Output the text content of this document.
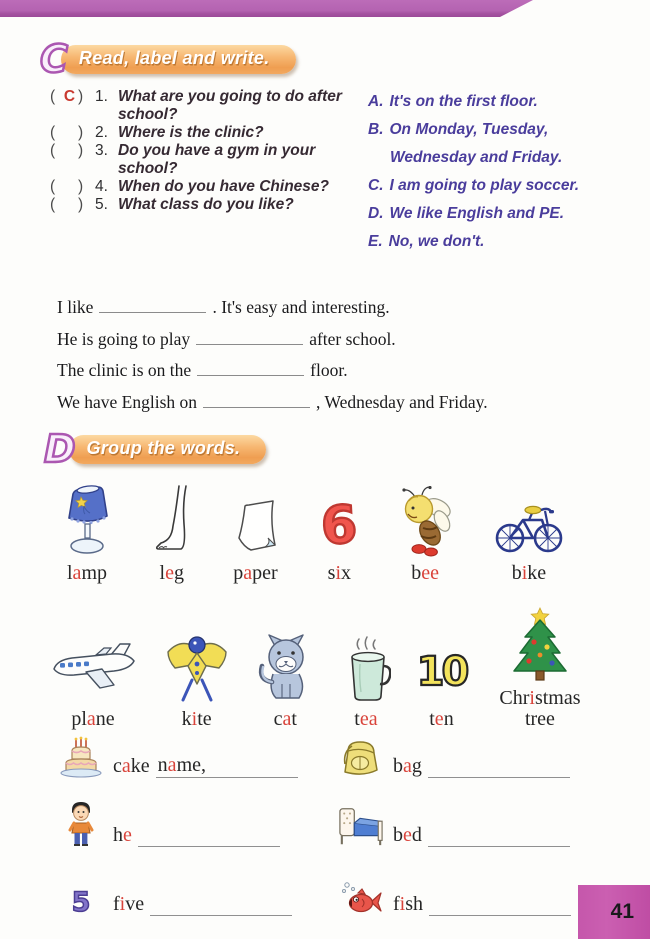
C Read, label and write.
( C ) 1. What are you going to do after school?
(	) 2. Where is the clinic?
(	) 3. Do you have a gym in your school?
(	) 4. When do you have Chinese?
(	) 5. What class do you like?
A. It's on the first floor.
B. On Monday, Tuesday, Wednesday and Friday.
C. I am going to play soccer.
D. We like English and PE.
E. No, we don't.
I like	. It's easy and interesting.
He is going to play	after school.
The clinic is on the	floor.
We have English on	, Wednesday and Friday.
D Group the words.
lamp	leg paper
6
six	bee	bike
plane	kite	cat	tea
10
ten
Christmas tree
cake name,	bag
he	bed
5 five	fish	41
